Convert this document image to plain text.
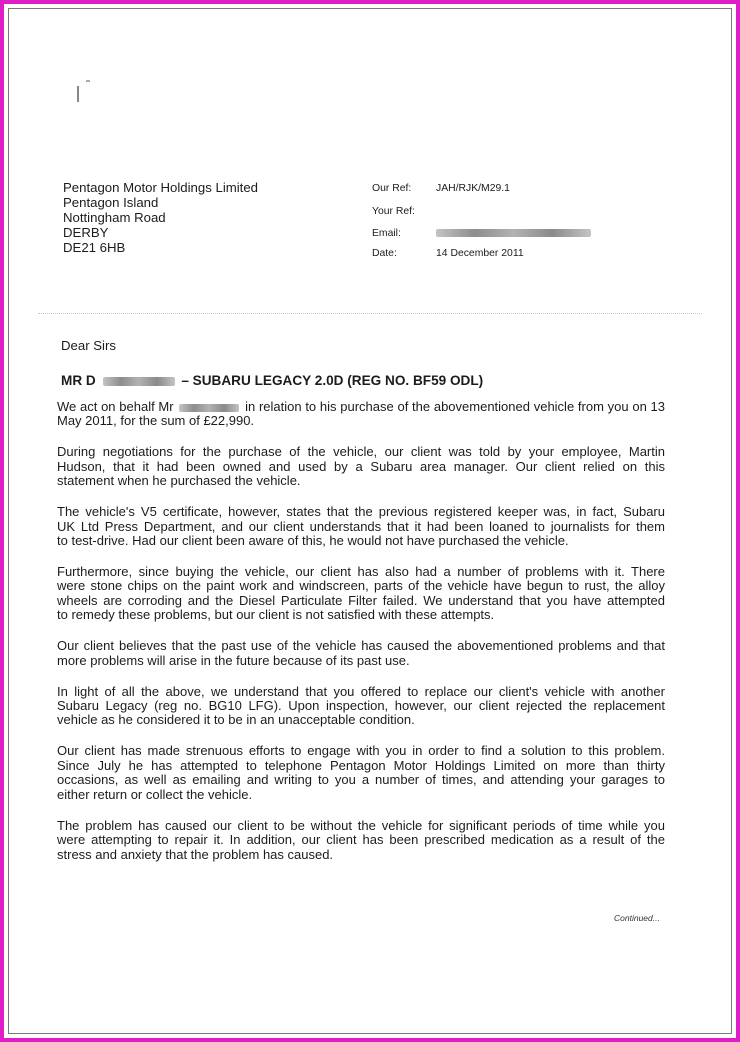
Pentagon Motor Holdings Limited
Pentagon Island
Nottingham Road
DERBY
DE21 6HB
Our Ref: JAH/RJK/M29.1
Your Ref:
Email:
Date:	14 December 2011
Dear Sirs
MR D	– SUBARU LEGACY 2.0D (REG NO. BF59 ODL)
We act on behalf Mr	in relation to his purchase of the abovementioned vehicle from you on 13
May 2011, for the sum of £22,990.
During negotiations for the purchase of the vehicle, our client was told by your employee, Martin
Hudson, that it had been owned and used by a Subaru area manager. Our client relied on this
statement when he purchased the vehicle.
The vehicle's V5 certificate, however, states that the previous registered keeper was, in fact, Subaru
UK Ltd Press Department, and our client understands that it had been loaned to journalists for them
to test-drive. Had our client been aware of this, he would not have purchased the vehicle.
Furthermore, since buying the vehicle, our client has also had a number of problems with it. There
were stone chips on the paint work and windscreen, parts of the vehicle have begun to rust, the alloy
wheels are corroding and the Diesel Particulate Filter failed. We understand that you have attempted
to remedy these problems, but our client is not satisfied with these attempts.
Our client believes that the past use of the vehicle has caused the abovementioned problems and that
more problems will arise in the future because of its past use.
In light of all the above, we understand that you offered to replace our client's vehicle with another
Subaru Legacy (reg no. BG10 LFG). Upon inspection, however, our client rejected the replacement
vehicle as he considered it to be in an unacceptable condition.
Our client has made strenuous efforts to engage with you in order to find a solution to this problem.
Since July he has attempted to telephone Pentagon Motor Holdings Limited on more than thirty
occasions, as well as emailing and writing to you a number of times, and attending your garages to
either return or collect the vehicle.
The problem has caused our client to be without the vehicle for significant periods of time while you
were attempting to repair it. In addition, our client has been prescribed medication as a result of the
stress and anxiety that the problem has caused.
Continued...
